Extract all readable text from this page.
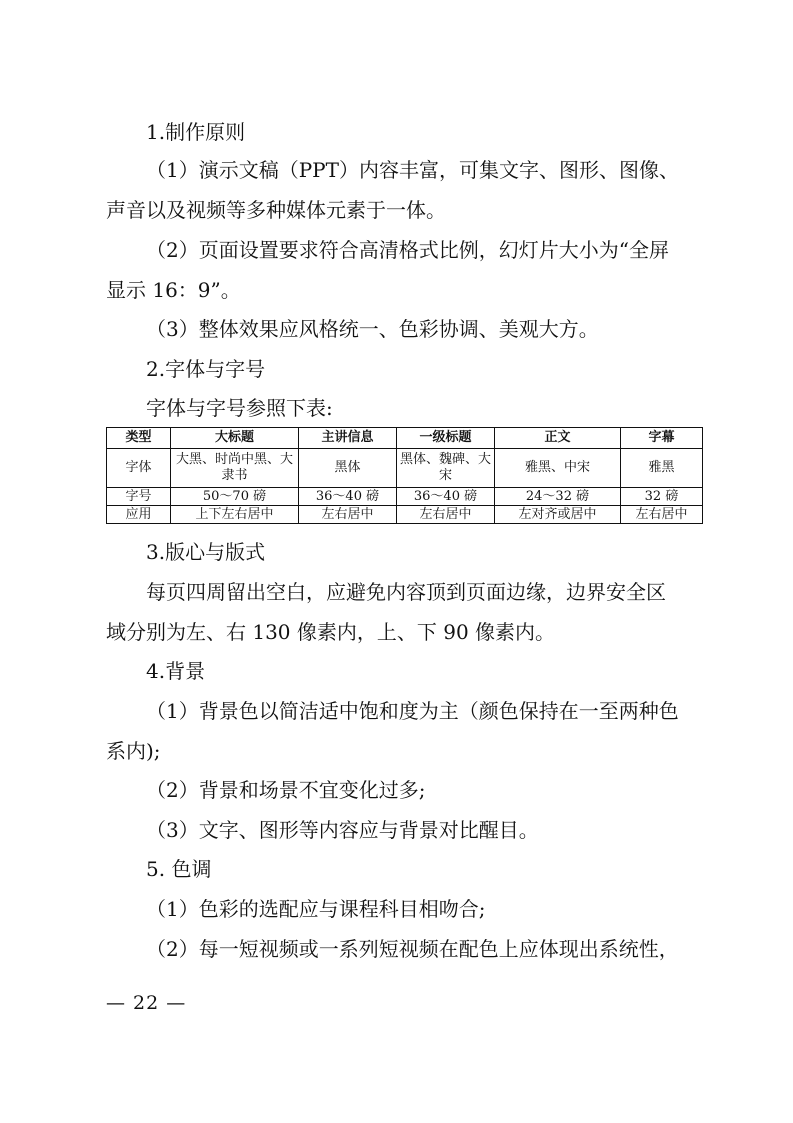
1.制作原则
（1）演示文稿（PPT）内容丰富，可集文字、图形、图像、
声音以及视频等多种媒体元素于一体。
（2）页面设置要求符合高清格式比例，幻灯片大小为“全屏
显示 16：9”。
（3）整体效果应风格统一、色彩协调、美观大方。
2.字体与字号
字体与字号参照下表:
类型	大标题	主讲信息	一级标题	正文	字幕
字体	大黑、时尚中黑、大隶书	黑体	黑体、魏碑、大宋	雅黑、中宋	雅黑
字号	50～70 磅	36～40 磅	36～40 磅	24～32 磅	32 磅
应用	上下左右居中	左右居中	左右居中	左对齐或居中	左右居中
3.版心与版式
每页四周留出空白，应避免内容顶到页面边缘，边界安全区
域分别为左、右 130 像素内，上、下 90 像素内。
4.背景
（1）背景色以简洁适中饱和度为主（颜色保持在一至两种色
系内);
（2）背景和场景不宜变化过多;
（3）文字、图形等内容应与背景对比醒目。
5. 色调
（1）色彩的选配应与课程科目相吻合;
（2）每一短视频或一系列短视频在配色上应体现出系统性，
— 22 —
